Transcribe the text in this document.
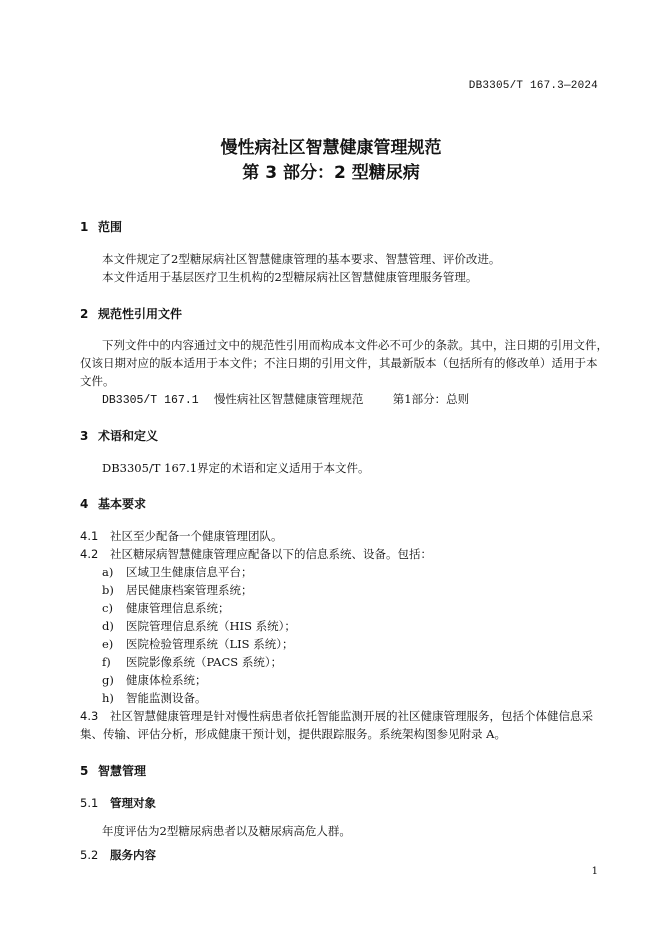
DB3305/T 167.3—2024
慢性病社区智慧健康管理规范
第 3 部分：2 型糖尿病
1 范围
本文件规定了2型糖尿病社区智慧健康管理的基本要求、智慧管理、评价改进。
本文件适用于基层医疗卫生机构的2型糖尿病社区智慧健康管理服务管理。
2 规范性引用文件
下列文件中的内容通过文中的规范性引用而构成本文件必不可少的条款。其中，注日期的引用文件，
仅该日期对应的版本适用于本文件；不注日期的引用文件，其最新版本（包括所有的修改单）适用于本
文件。
DB3305/T 167.1 慢性病社区智慧健康管理规范	第1部分：总则
3 术语和定义
DB3305/T 167.1界定的术语和定义适用于本文件。
4 基本要求
4.1 社区至少配备一个健康管理团队。
4.2 社区糖尿病智慧健康管理应配备以下的信息系统、设备。包括：
a) 区域卫生健康信息平台；
b) 居民健康档案管理系统；
c) 健康管理信息系统；
d) 医院管理信息系统（HIS 系统）；
e) 医院检验管理系统（LIS 系统）；
f) 医院影像系统（PACS 系统）；
g) 健康体检系统；
h) 智能监测设备。
4.3 社区智慧健康管理是针对慢性病患者依托智能监测开展的社区健康管理服务，包括个体健信息采
集、传输、评估分析，形成健康干预计划，提供跟踪服务。系统架构图参见附录 A。
5 智慧管理
5.1 管理对象
年度评估为2型糖尿病患者以及糖尿病高危人群。
5.2 服务内容
1
